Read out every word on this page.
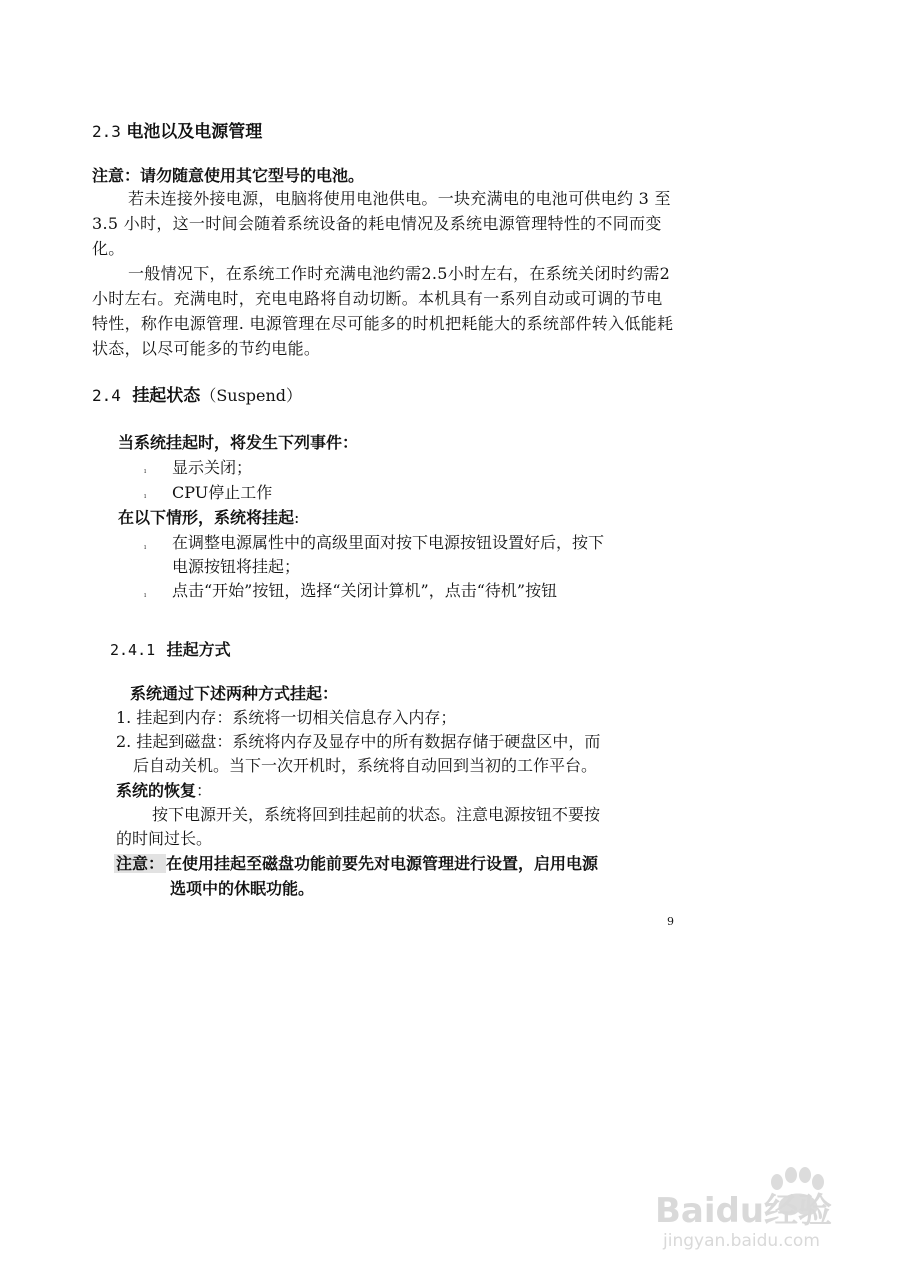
2.3 电池以及电源管理
注意：请勿随意使用其它型号的电池。
若未连接外接电源，电脑将使用电池供电。一块充满电的电池可供电约 3 至 3.5 小时，这一时间会随着系统设备的耗电情况及系统电源管理特性的不同而变化。
一般情况下，在系统工作时充满电池约需2.5小时左右，在系统关闭时约需2小时左右。充满电时，充电电路将自动切断。本机具有一系列自动或可调的节电特性，称作电源管理. 电源管理在尽可能多的时机把耗能大的系统部件转入低能耗状态，以尽可能多的节约电能。
2.4 挂起状态（Suspend）
当系统挂起时，将发生下列事件：
ı 显示关闭；
ı CPU停止工作
在以下情形，系统将挂起:
ı 在调整电源属性中的高级里面对按下电源按钮设置好后，按下
电源按钮将挂起；
ı 点击“开始”按钮，选择“关闭计算机”，点击“待机”按钮
2.4.1 挂起方式
系统通过下述两种方式挂起：
1. 挂起到内存：系统将一切相关信息存入内存；
2. 挂起到磁盘：系统将内存及显存中的所有数据存储于硬盘区中，而
后自动关机。当下一次开机时，系统将自动回到当初的工作平台。
系统的恢复：
按下电源开关，系统将回到挂起前的状态。注意电源按钮不要按
的时间过长。
注意： 在使用挂起至磁盘功能前要先对电源管理进行设置，启用电源
选项中的休眠功能。
9
Baidu经验
jingyan.baidu.com
